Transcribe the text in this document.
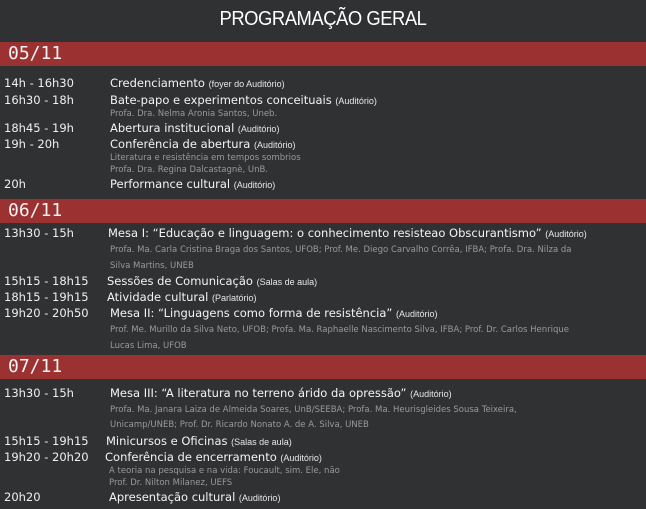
PROGRAMAÇÃO GERAL
05/11
14h - 16h30	Credenciamento (foyer do Auditório)
16h30 - 18h	Bate-papo e experimentos conceituais (Auditório)
Profa. Dra. Nelma Aronia Santos, Uneb.
18h45 - 19h	Abertura institucional (Auditório)
19h - 20h	Conferência de abertura (Auditório)
Literatura e resistência em tempos sombrios
Profa. Dra. Regina Dalcastagnè, UnB.
20h	Performance cultural (Auditório)
06/11
13h30 - 15h	Mesa I: “Educação e linguagem: o conhecimento resisteao Obscurantismo” (Auditório)
Profa. Ma. Carla Cristina Braga dos Santos, UFOB; Prof. Me. Diego Carvalho Corrêa, IFBA; Profa. Dra. Nilza da
Silva Martins, UNEB
15h15 - 18h15 Sessões de Comunicação (Salas de aula)
18h15 - 19h15 Atividade cultural (Parlatório)
19h20 - 20h50 Mesa II: “Linguagens como forma de resistência” (Auditório)
Prof. Me. Murillo da Silva Neto, UFOB; Profa. Ma. Raphaelle Nascimento Silva, IFBA; Prof. Dr. Carlos Henrique
Lucas Lima, UFOB
07/11
13h30 - 15h	Mesa III: “A literatura no terreno árido da opressão” (Auditório)
Profa. Ma. Janara Laiza de Almeida Soares, UnB/SEEBA; Profa. Ma. Heurisgleides Sousa Teixeira,
Unicamp/UNEB; Prof. Dr. Ricardo Nonato A. de A. Silva, UNEB
15h15 - 19h15 Minicursos e Oficinas (Salas de aula)
19h20 - 20h20 Conferência de encerramento (Auditório)
A teoria na pesquisa e na vida: Foucault, sim. Ele, não
Prof. Dr. Nilton Milanez, UEFS
20h20	Apresentação cultural (Auditório)
